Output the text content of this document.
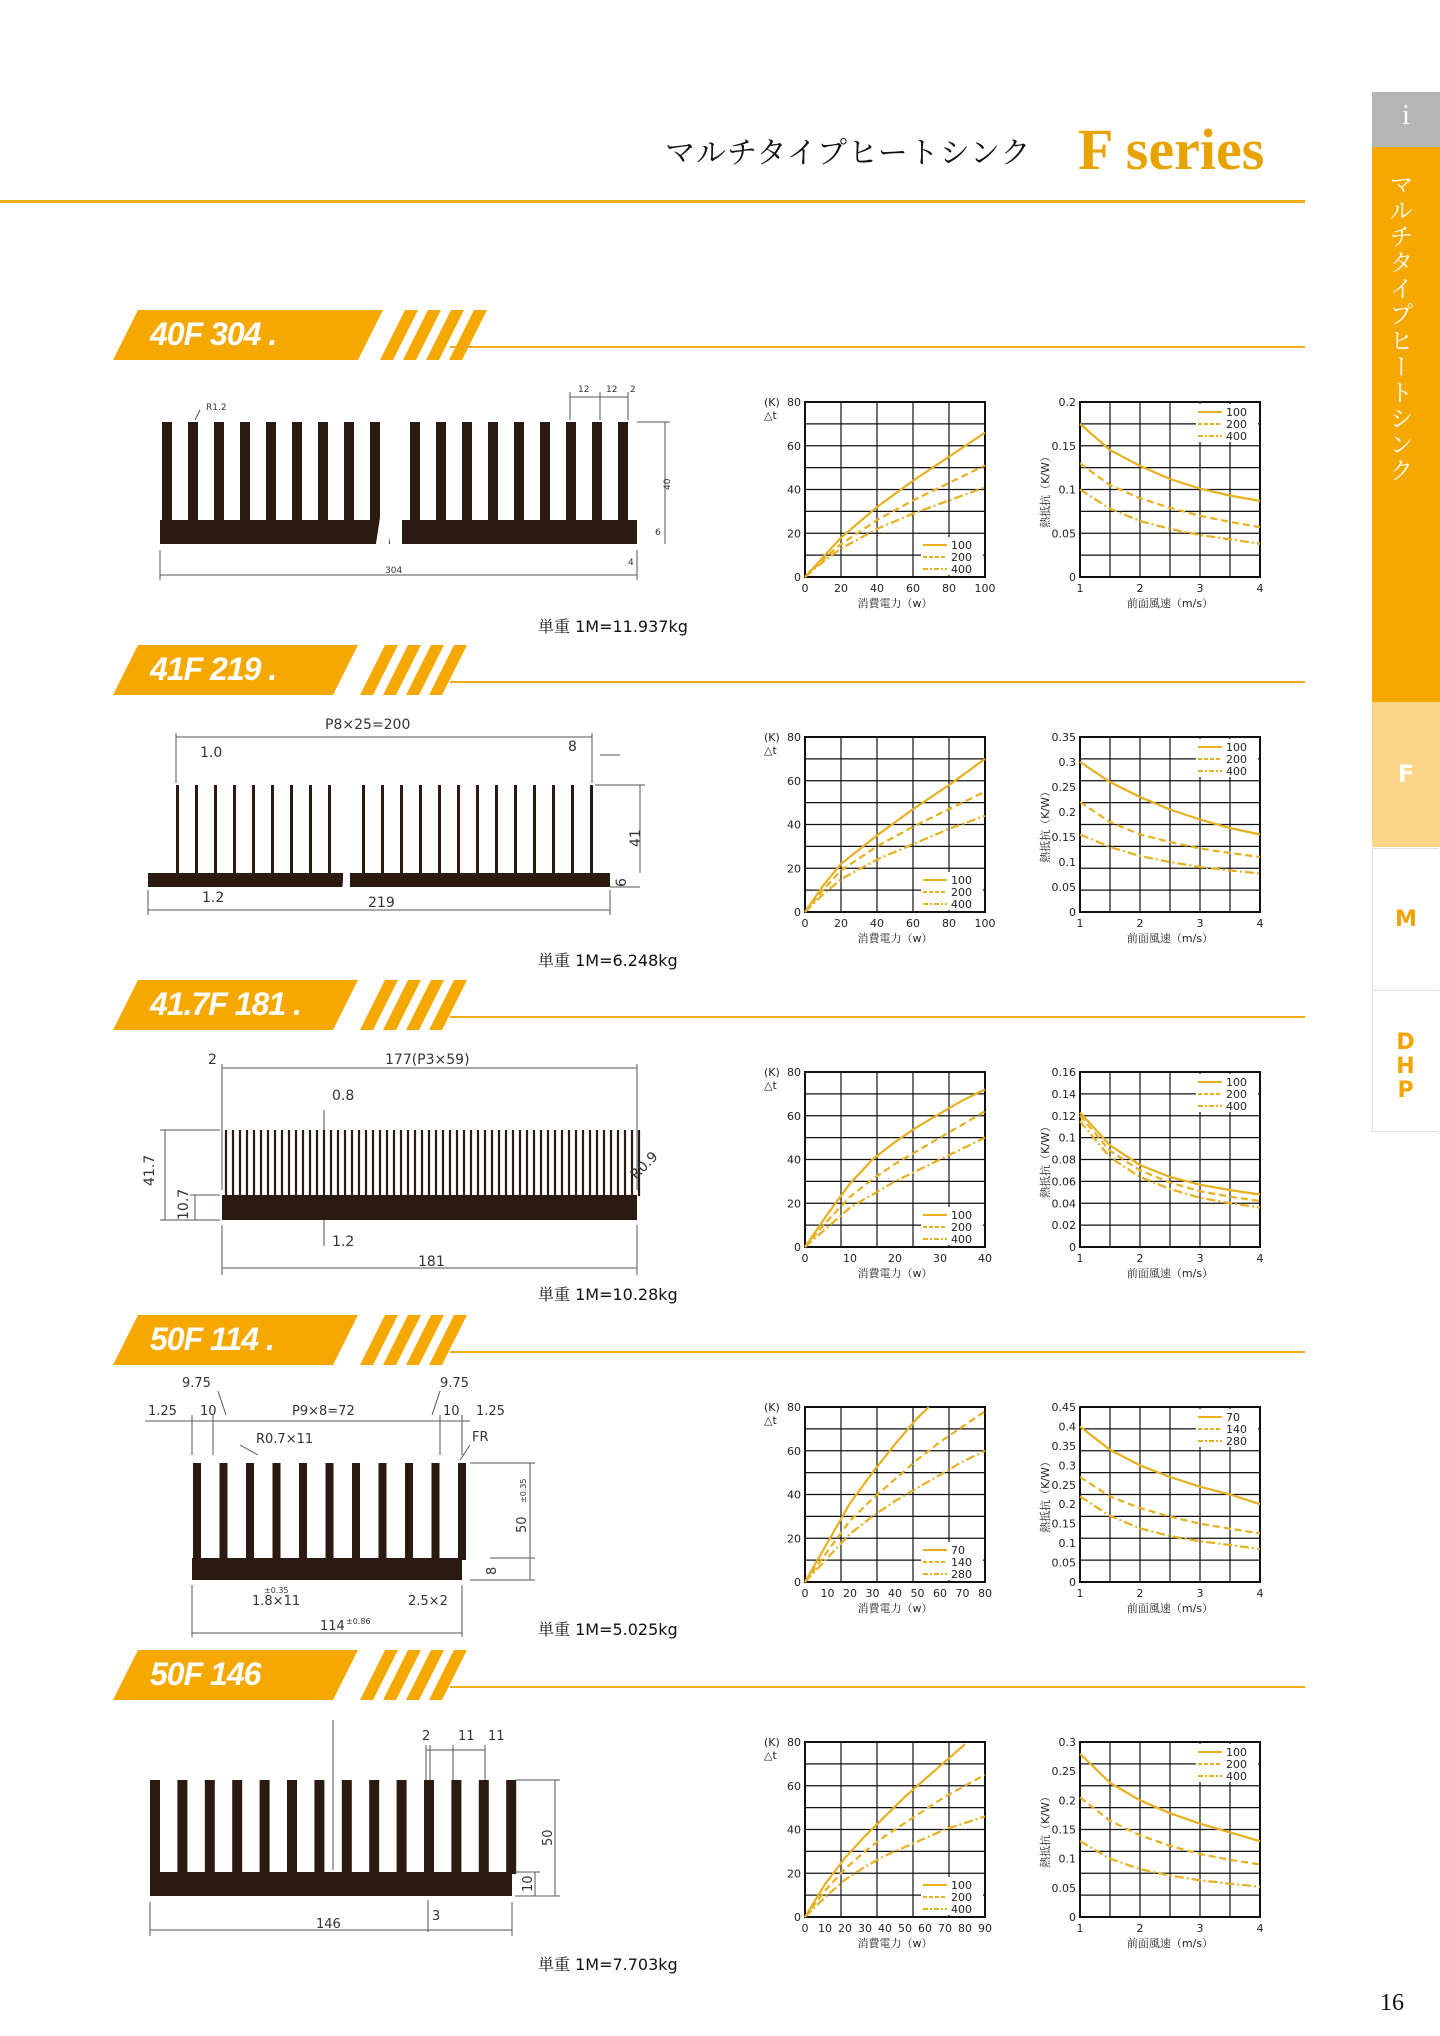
マルチタイプヒートシンク F series
i
マルチタイプヒートシンク
F
M
D H P
40F 304 .
41F 219 .
41.7F 181 .
50F 114 .
50F 146
単重 1M=11.937kg
単重 1M=6.248kg
単重 1M=10.28kg
単重 1M=5.025kg
単重 1M=7.703kg
R1.2
12 12 2
40
6
304
4
P8×25=200
1.0	8
41
6
1.2	219
2	177(P3×59)
0.8
41.7
10.7
R0.9
1.2
181
9.75	9.75
1.25 10	P9×8=72	10 1.25
R0.7×11	FR
50
±0.35
8
±0.35
1.8×11	2.5×2
114 ±0.86
2 11 11
50
10
146
3
0
20
40
60
80
0 20 40 60 80 100
消費電力（w）
(K)
△t
100
200
400
0
0.05
0.1
0.15
0.2
1	2	3	4
前面風速（m/s）
熱抵抗（K/W）
100
200
400
0
20
40
60
80
0 20 40 60 80 100
消費電力（w）
(K)
△t
100
200
400
0
0.05
0.1
0.15
0.2
0.25
0.3
0.35
1	2	3	4
前面風速（m/s）
熱抵抗（K/W）
100
200
400
0
20
40
60
80
0	10	20	30	40
消費電力（w）
(K)
△t
100
200
400
0
0.02
0.04
0.06
0.08
0.1
0.12
0.14
0.16
1	2	3	4
前面風速（m/s）
熱抵抗（K/W）
100
200
400
0
20
40
60
80
0 10 20 30 40 50 60 70 80
消費電力（w）
(K)
△t
70
140
280
0
0.05
0.1
0.15
0.2
0.25
0.3
0.35
0.4
0.45
1	2	3	4
前面風速（m/s）
熱抵抗（K/W）
70
140
280
0
20
40
60
80
0 10 20 30 40 50 60 70 80 90
消費電力（w）
(K)
△t
100
200
400
0
0.05
0.1
0.15
0.2
0.25
0.3
1	2	3	4
前面風速（m/s）
熱抵抗（K/W）
100
200
400
16
